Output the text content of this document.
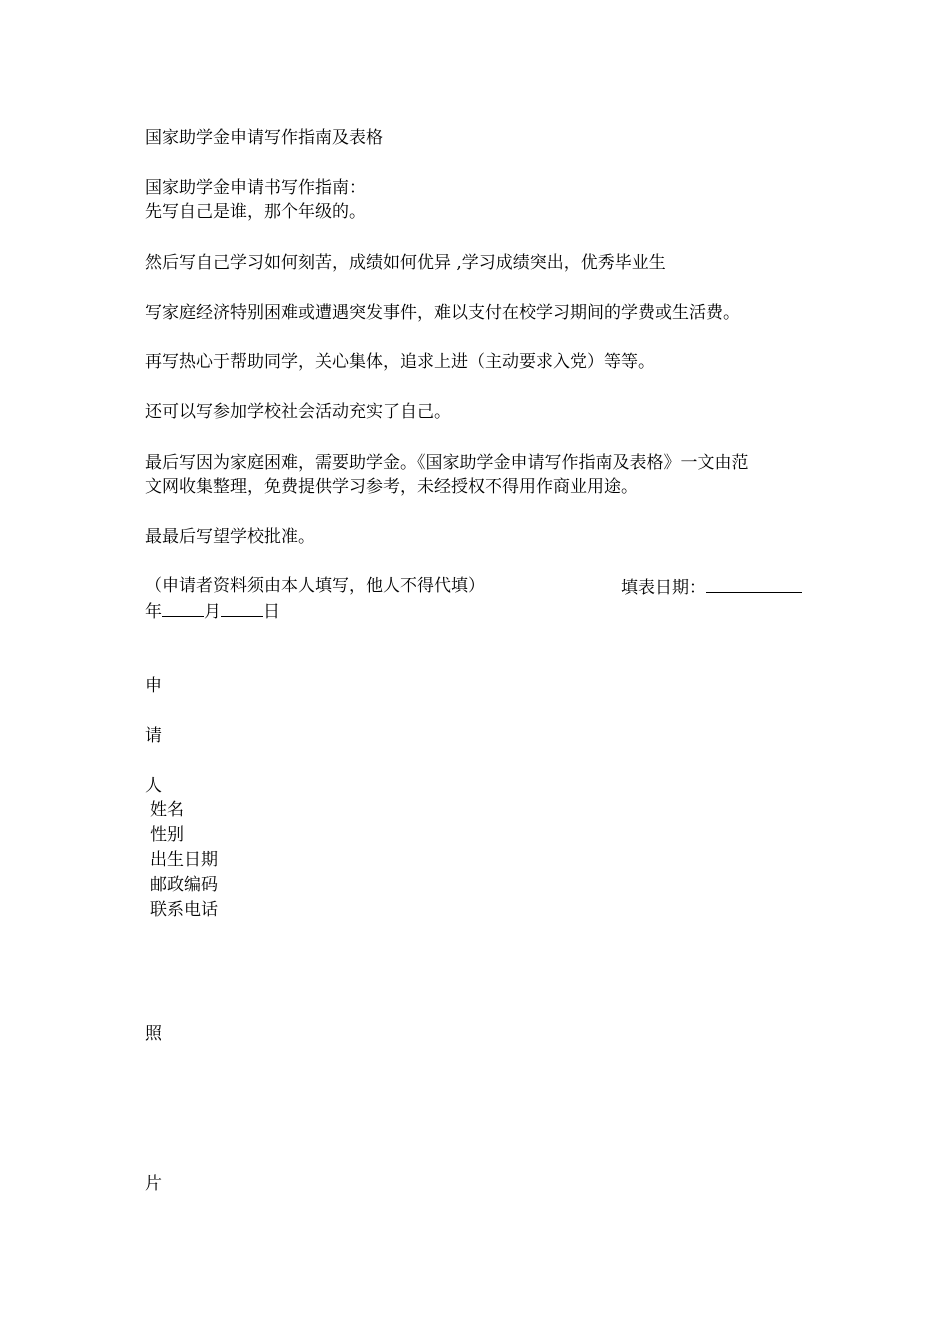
国家助学金申请写作指南及表格
国家助学金申请书写作指南：
先写自己是谁，那个年级的。
然后写自己学习如何刻苦，成绩如何优异 ,学习成绩突出，优秀毕业生
写家庭经济特别困难或遭遇突发事件，难以支付在校学习期间的学费或生活费。
再写热心于帮助同学，关心集体，追求上进（主动要求入党）等等。
还可以写参加学校社会活动充实了自己。
最后写因为家庭困难，需要助学金。《国家助学金申请写作指南及表格》一文由范
文网收集整理，免费提供学习参考，未经授权不得用作商业用途。
最最后写望学校批准。
（申请者资料须由本人填写，他人不得代填）	填表日期：
年 月 日
申
请
人
姓名
性别
出生日期
邮政编码
联系电话
照
片
